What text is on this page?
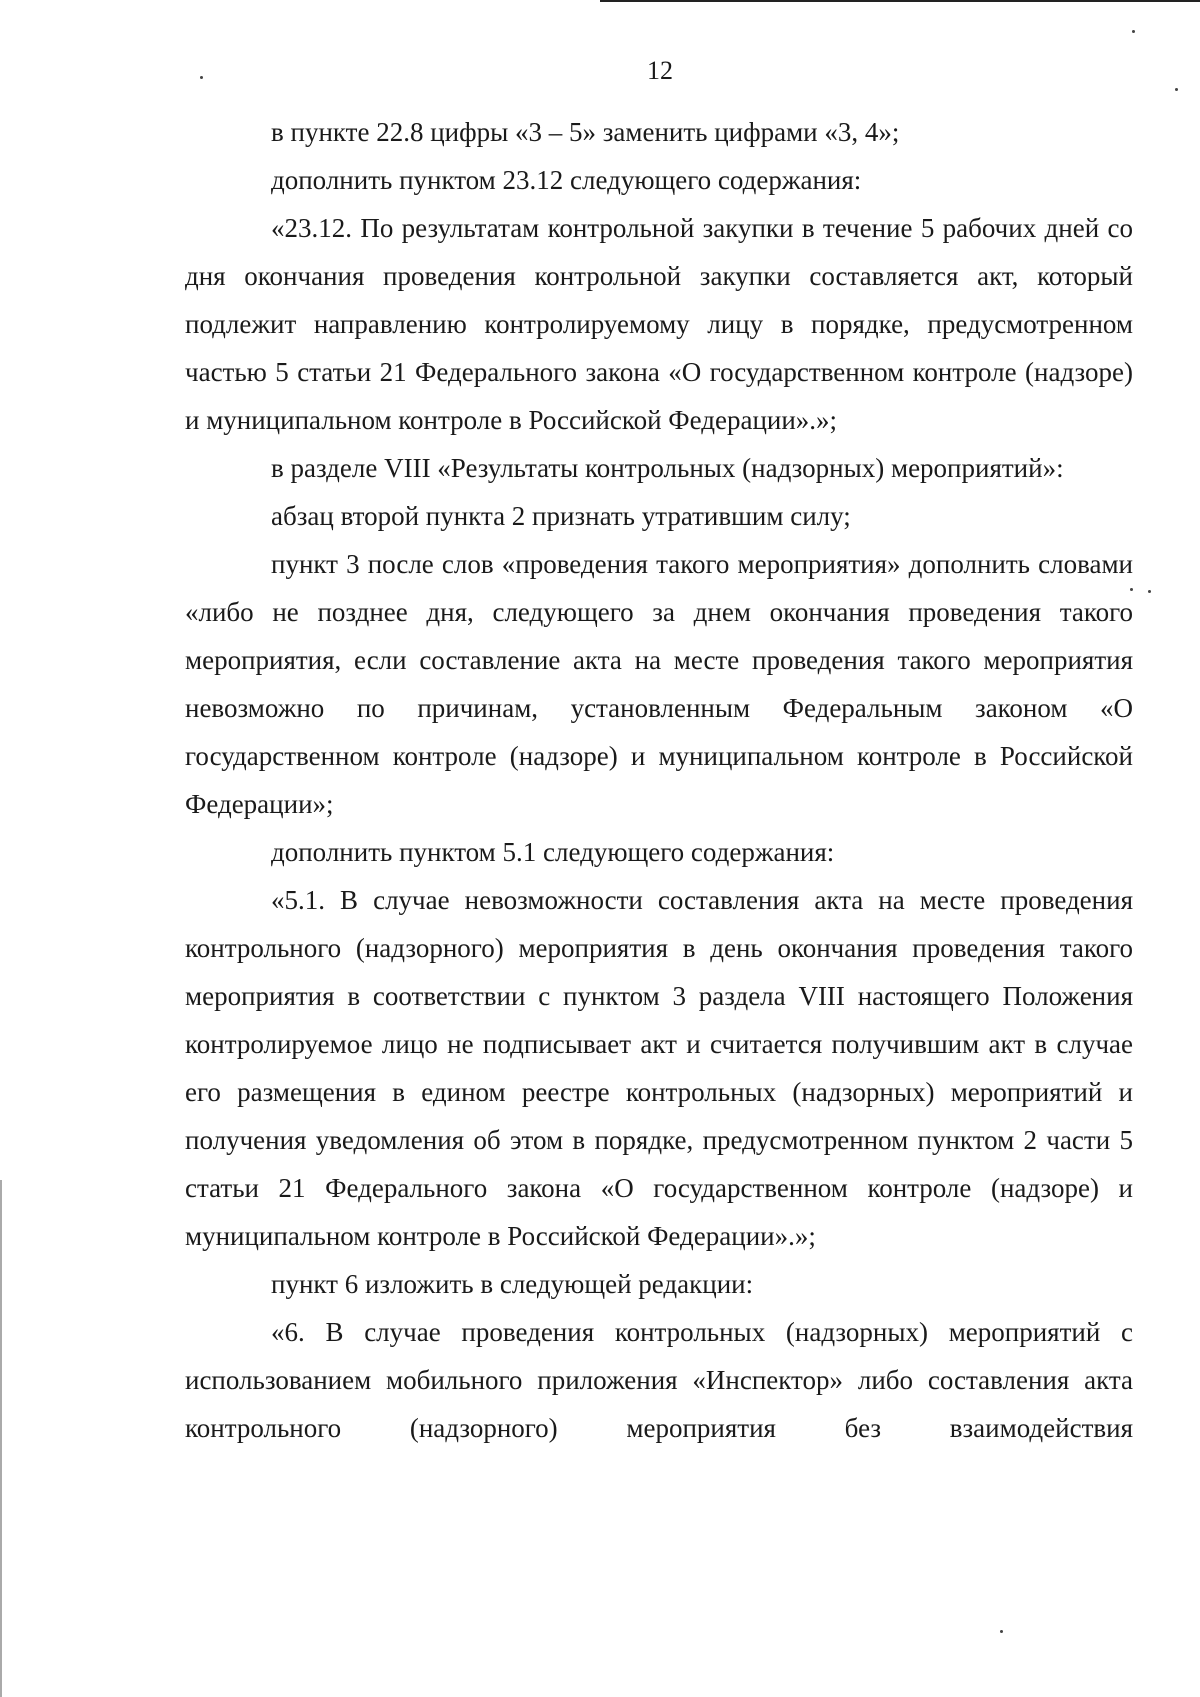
12

в пункте 22.8 цифры «3 – 5» заменить цифрами «3, 4»;

дополнить пунктом 23.12 следующего содержания:

«23.12. По результатам контрольной закупки в течение 5 рабочих дней со дня окончания проведения контрольной закупки составляется акт, который подлежит направлению контролируемому лицу в порядке, предусмотренном частью 5 статьи 21 Федерального закона «О государственном контроле (надзоре) и муниципальном контроле в Российской Федерации».»;

в разделе VIII «Результаты контрольных (надзорных) мероприятий»:

абзац второй пункта 2 признать утратившим силу;

пункт 3 после слов «проведения такого мероприятия» дополнить словами «либо не позднее дня, следующего за днем окончания проведения такого мероприятия, если составление акта на месте проведения такого мероприятия невозможно по причинам, установленным Федеральным законом «О государственном контроле (надзоре) и муниципальном контроле в Российской Федерации»;

дополнить пунктом 5.1 следующего содержания:

«5.1. В случае невозможности составления акта на месте проведения контрольного (надзорного) мероприятия в день окончания проведения такого мероприятия в соответствии с пунктом 3 раздела VIII настоящего Положения контролируемое лицо не подписывает акт и считается получившим акт в случае его размещения в едином реестре контрольных (надзорных) мероприятий и получения уведомления об этом в порядке, предусмотренном пунктом 2 части 5 статьи 21 Федерального закона «О государственном контроле (надзоре) и муниципальном контроле в Российской Федерации».»;

пункт 6 изложить в следующей редакции:

«6. В случае проведения контрольных (надзорных) мероприятий с использованием мобильного приложения «Инспектор» либо составления акта контрольного (надзорного) мероприятия без взаимодействия
